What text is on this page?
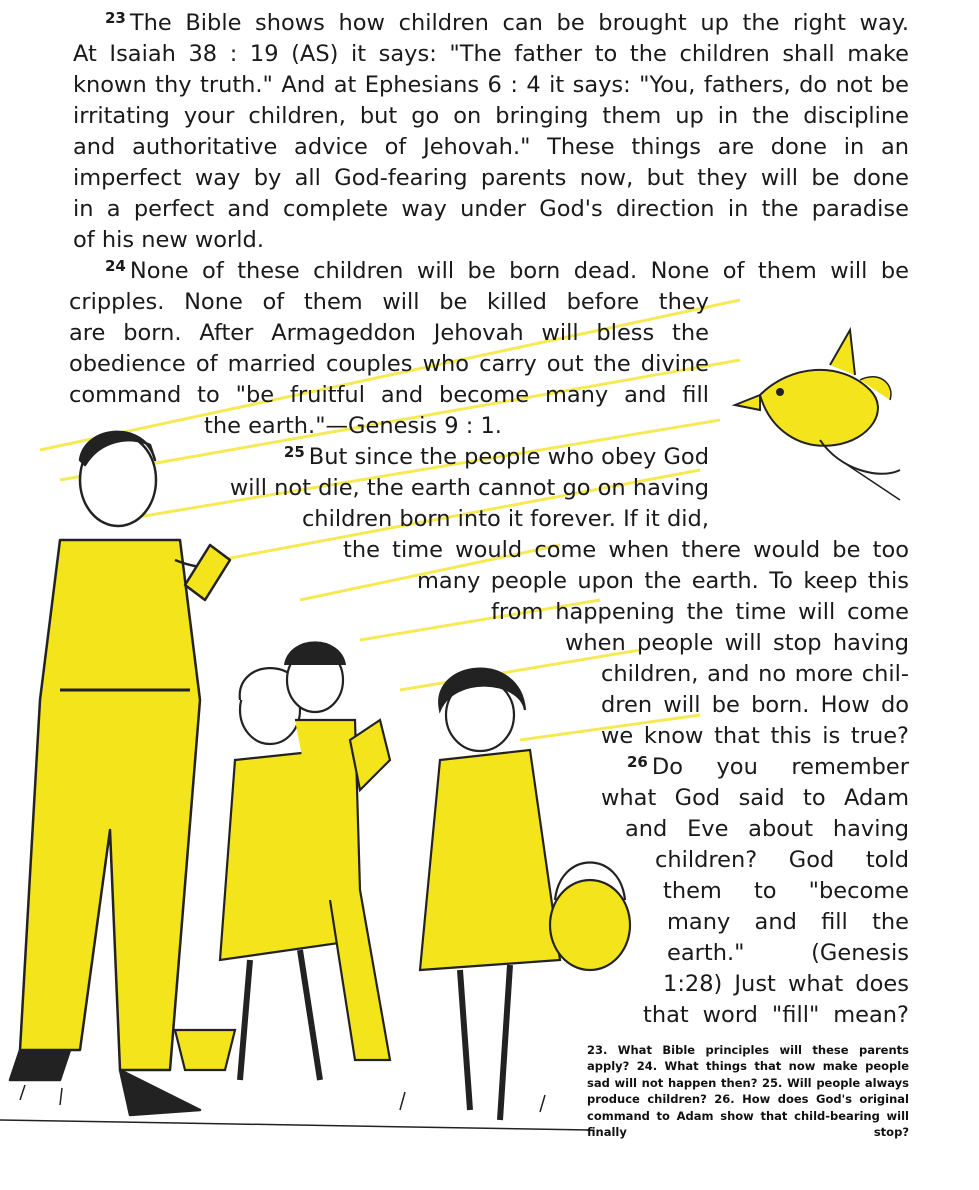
$^{23}$ The Bible shows how children can be brought up the right way.

At Isaiah 38 : 19 (AS) it says: "The father to the children shall make

known thy truth." And at Ephesians 6 : 4 it says: "You, fathers, do not be

irritating your children, but go on bringing them up in the discipline

and authoritative advice of Jehovah." These things are done in an

imperfect way by all God-fearing parents now, but they will be done

in a perfect and complete way under God's direction in the paradise

of his new world.

$^{24}$ None of these children will be born dead. None of them will be

cripples. None of them will be killed before they

are born. After Armageddon Jehovah will bless the

obedience of married couples who carry out the divine

command to "be fruitful and become many and fill

the earth."—Genesis 9 : 1.

$^{25}$ But since the people who obey God

will not die, the earth cannot go on having

children born into it forever. If it did,

the time would come when there would be too

many people upon the earth. To keep this

from happening the time will come

when people will stop having

children, and no more chil-

dren will be born. How do

we know that this is true?

$^{26}$ Do you remember

what God said to Adam

and Eve about having

children? God told

them to "become

many and fill the

earth." (Genesis

1:28) Just what does

that word "fill" mean?

23. What Bible principles will these parents apply? 24. What things that now make people sad will not happen then? 25. Will people always produce children? 26. How does God's original command to Adam show that child-bearing will finally stop?
